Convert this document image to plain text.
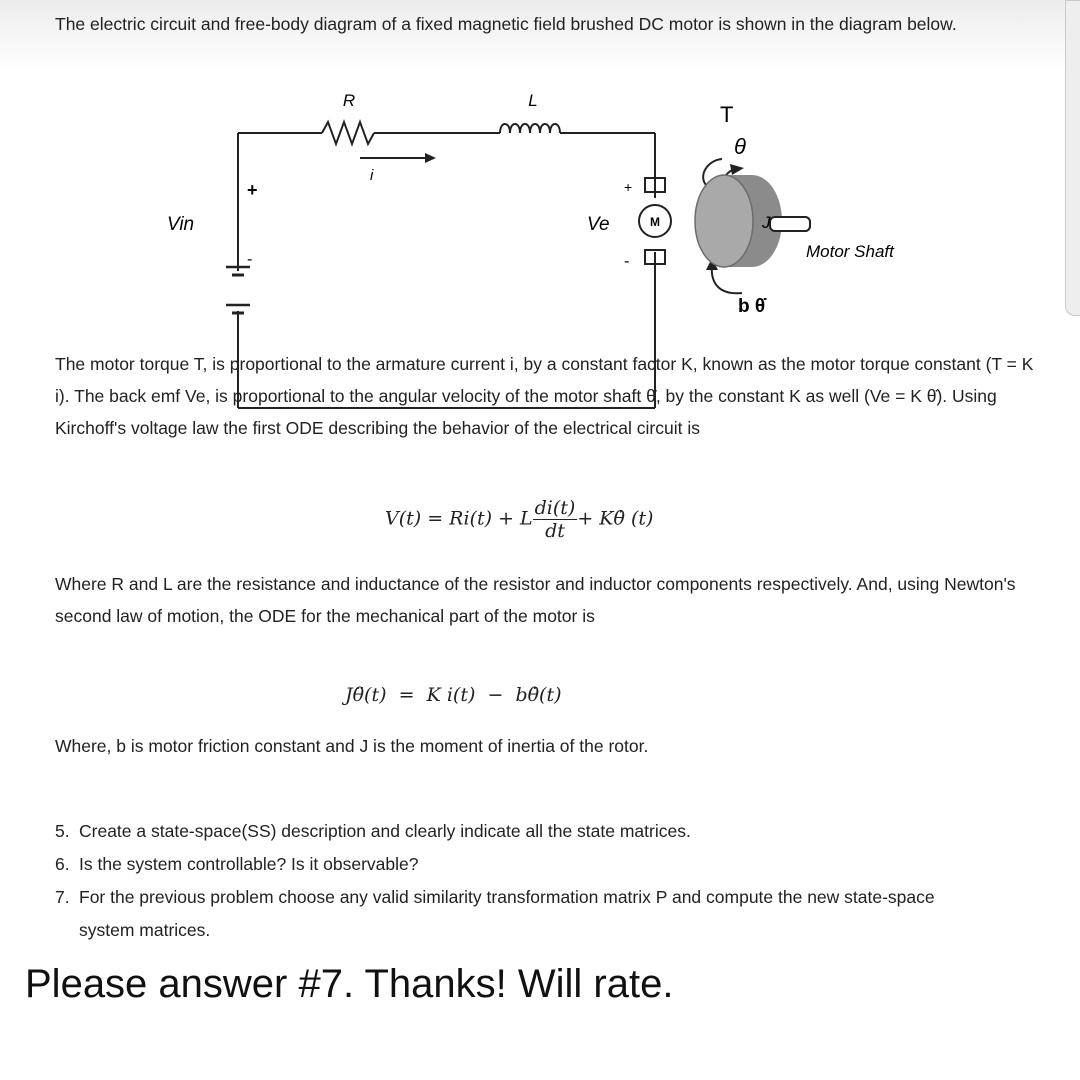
The electric circuit and free-body diagram of a fixed magnetic field brushed DC motor is shown in the diagram below.
R	L
i
T
θ
Vin	Ve
+
-
+
-
M	J
Motor Shaft
b θ̇
The motor torque T, is proportional to the armature current i, by a constant factor K, known as the motor torque constant (T = K i). The back emf Ve, is proportional to the angular velocity of the motor shaft θ̇, by the constant K as well (Ve = K θ̇). Using Kirchoff's voltage law the first ODE describing the behavior of the electrical circuit is
V(t) = Ri(t) + L $\frac{di(t)}{dt}$ + Kθ̇ (t)
Where R and L are the resistance and inductance of the resistor and inductor components respectively. And, using Newton's second law of motion, the ODE for the mechanical part of the motor is
Jθ̈(t)  =  K i(t)  −  bθ̇(t)
Where, b is motor friction constant and J is the moment of inertia of the rotor.
5. Create a state-space(SS) description and clearly indicate all the state matrices.
6. Is the system controllable? Is it observable?
7. For the previous problem choose any valid similarity transformation matrix P and compute the new state-space system matrices.
Please answer #7. Thanks! Will rate.
